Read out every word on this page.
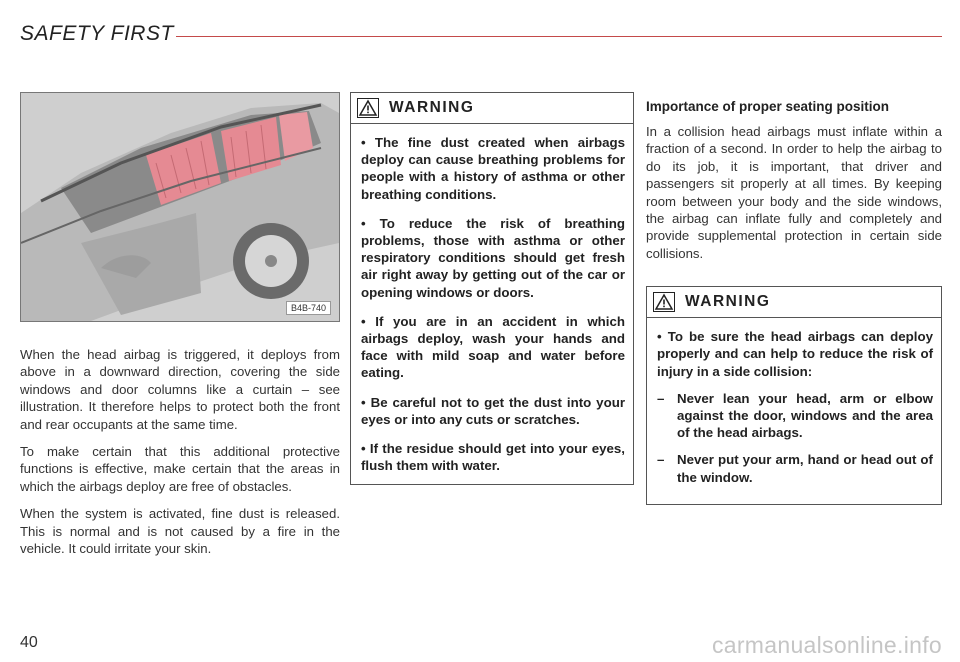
SAFETY FIRST
B4B-740

When the head airbag is triggered, it deploys from above in a downward direction, covering the side windows and door columns like a curtain – see illustration. It therefore helps to protect both the front and rear occupants at the same time.

To make certain that this additional protective functions is effective, make certain that the areas in which the airbags deploy are free of obstacles.

When the system is activated, fine dust is released. This is normal and is not caused by a fire in the vehicle. It could irritate your skin.

WARNING

• The fine dust created when airbags deploy can cause breathing problems for people with a history of asthma or other breathing conditions.

• To reduce the risk of breathing problems, those with asthma or other respiratory conditions should get fresh air right away by getting out of the car or opening windows or doors.

• If you are in an accident in which airbags deploy, wash your hands and face with mild soap and water before eating.

• Be careful not to get the dust into your eyes or into any cuts or scratches.

• If the residue should get into your eyes, flush them with water.

Importance of proper seating position

In a collision head airbags must inflate within a fraction of a second. In order to help the airbag to do its job, it is important, that driver and passengers sit properly at all times. By keeping room between your body and the side windows, the airbag can inflate fully and completely and provide supplemental protection in certain side collisions.

WARNING

• To be sure the head airbags can deploy properly and can help to reduce the risk of injury in a side collision:

– Never lean your head, arm or elbow against the door, windows and the area of the head airbags.
– Never put your arm, hand or head out of the window.
40	carmanualsonline.info
